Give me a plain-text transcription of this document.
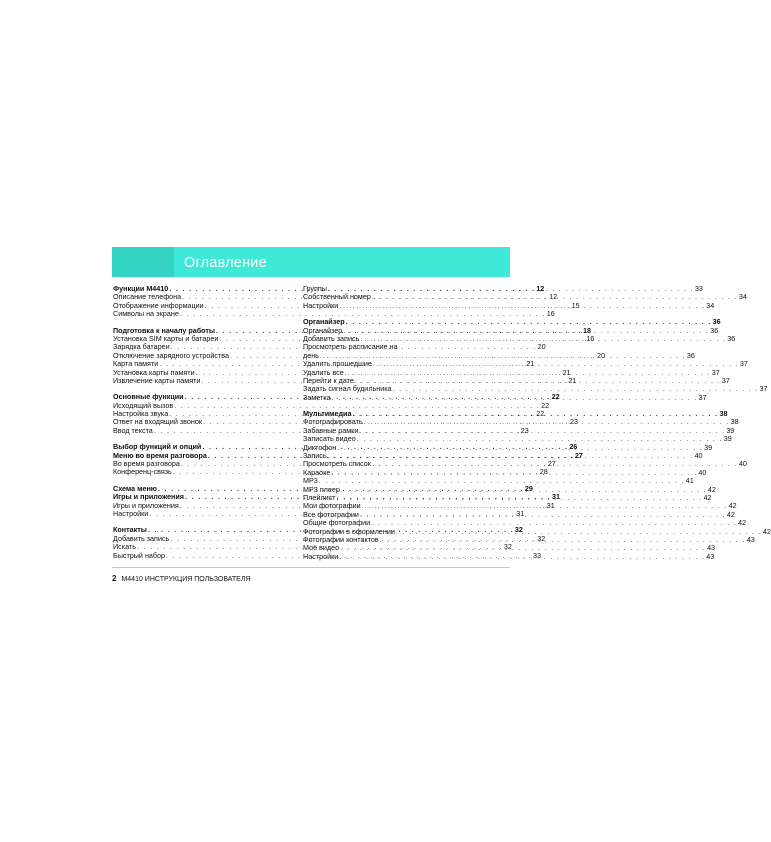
Оглавление
Функции M4410 . . .	12
Описание телефона . . .	12
Отображение информации . . .	15
Символы на экране . . .	16
Подготовка к началу работы . . .	18
Установка SIM карты и батареи . . .	16
Зарядка батареи . . .	20
Отключение зарядного устройства . . .	20
Карта памяти . . .	21
Установка карты памяти . . .	21
Извлечение карты памяти . . .	21
Основные функции . . .	22
Исходящий вызов . . .	22
Настройка звука . . .	22
Ответ на входящий звонок . . .	23
Ввод текста . . .	23
Выбор функций и опций . . .	26
Меню во время разговора . . .	27
Во время разговора . . .	27
Конференц-связь . . .	28
Схема меню . . .	29
Игры и приложения . . .	31
Игры и приложения . . .	31
Настройки . . .	31
Контакты . . .	32
Добавить запись . . .	32
Искать . . .	32
Быстрый набор . . .	33
Группы . . .	33
Собственный номер . . .	34
Настройки . . .	34
Органайзер . . .	36
Органайзер . . .	36
Добавить запись . . .	36
Просмотреть расписание на
день . . .	36
Удалить прошедшие . . .	37
Удалить все . . .	37
Перейти к дате . . .	37
Задать сигнал будильника . . .	37
Заметка . . .	37
Мультимедиа . . .	38
Фотографировать . . .	38
Забавные рамки . . .	39
Записать видео . . .	39
Диктофон . . .	39
Запись . . .	40
Просмотреть список . . .	40
Караоке . . .	40
MP3 . . .	41
MP3 плеер . . .	42
Плейлист . . .	42
Мои фотографии . . .	42
Все фотографии . . .	42
Общие фотографии . . .	42
Фотографии в оформлении . . .	42
Фотографии контактов . . .	43
Моё видео . . .	43
Настройки . . .	43
2 M4410 ИНСТРУКЦИЯ ПОЛЬЗОВАТЕЛЯ
